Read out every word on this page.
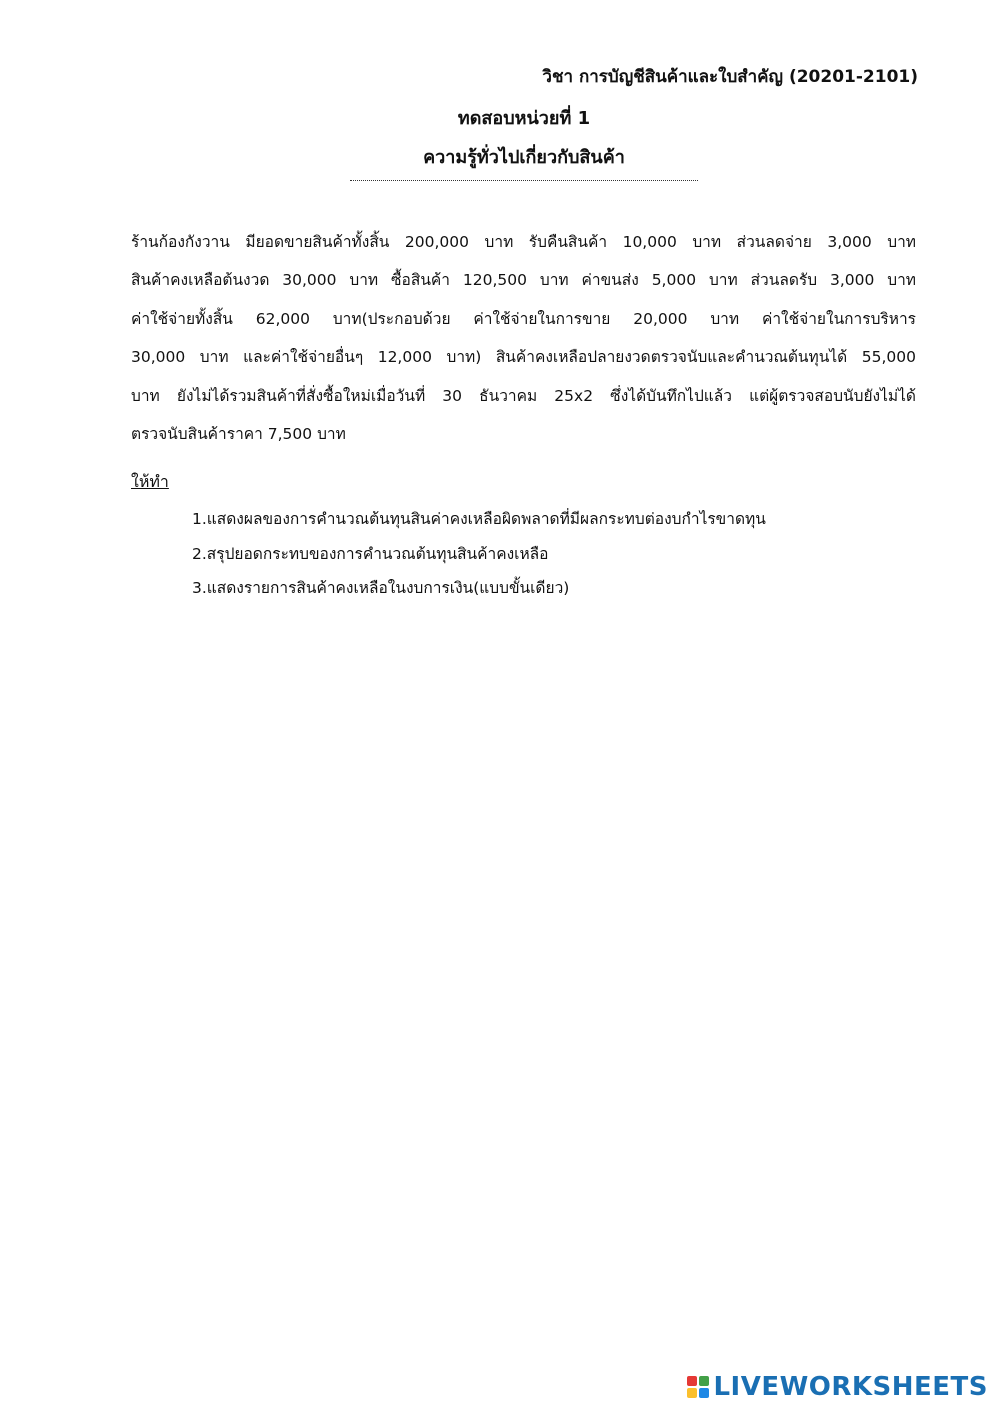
วิชา การบัญชีสินค้าและใบสำคัญ (20201-2101)
ทดสอบหน่วยที่ 1
ความรู้ทั่วไปเกี่ยวกับสินค้า
ร้านก้องกังวาน มียอดขายสินค้าทั้งสิ้น 200,000 บาท รับคืนสินค้า 10,000 บาท ส่วนลดจ่าย 3,000 บาท
สินค้าคงเหลือต้นงวด 30,000 บาท ซื้อสินค้า 120,500 บาท ค่าขนส่ง 5,000 บาท ส่วนลดรับ 3,000 บาท
ค่าใช้จ่ายทั้งสิ้น 62,000 บาท(ประกอบด้วย ค่าใช้จ่ายในการขาย 20,000 บาท ค่าใช้จ่ายในการบริหาร
30,000 บาท และค่าใช้จ่ายอื่นๆ 12,000 บาท) สินค้าคงเหลือปลายงวดตรวจนับและคำนวณต้นทุนได้ 55,000
บาท ยังไม่ได้รวมสินค้าที่สั่งซื้อใหม่เมื่อวันที่ 30 ธันวาคม 25x2 ซึ่งได้บันทึกไปแล้ว แต่ผู้ตรวจสอบนับยังไม่ได้
ตรวจนับสินค้าราคา 7,500 บาท
ให้ทำ
1.แสดงผลของการคำนวณต้นทุนสินค่าคงเหลือผิดพลาดที่มีผลกระทบต่องบกำไรขาดทุน
2.สรุปยอดกระทบของการคำนวณต้นทุนสินค้าคงเหลือ
3.แสดงรายการสินค้าคงเหลือในงบการเงิน(แบบขั้นเดียว)
LIVEWORKSHEETS
